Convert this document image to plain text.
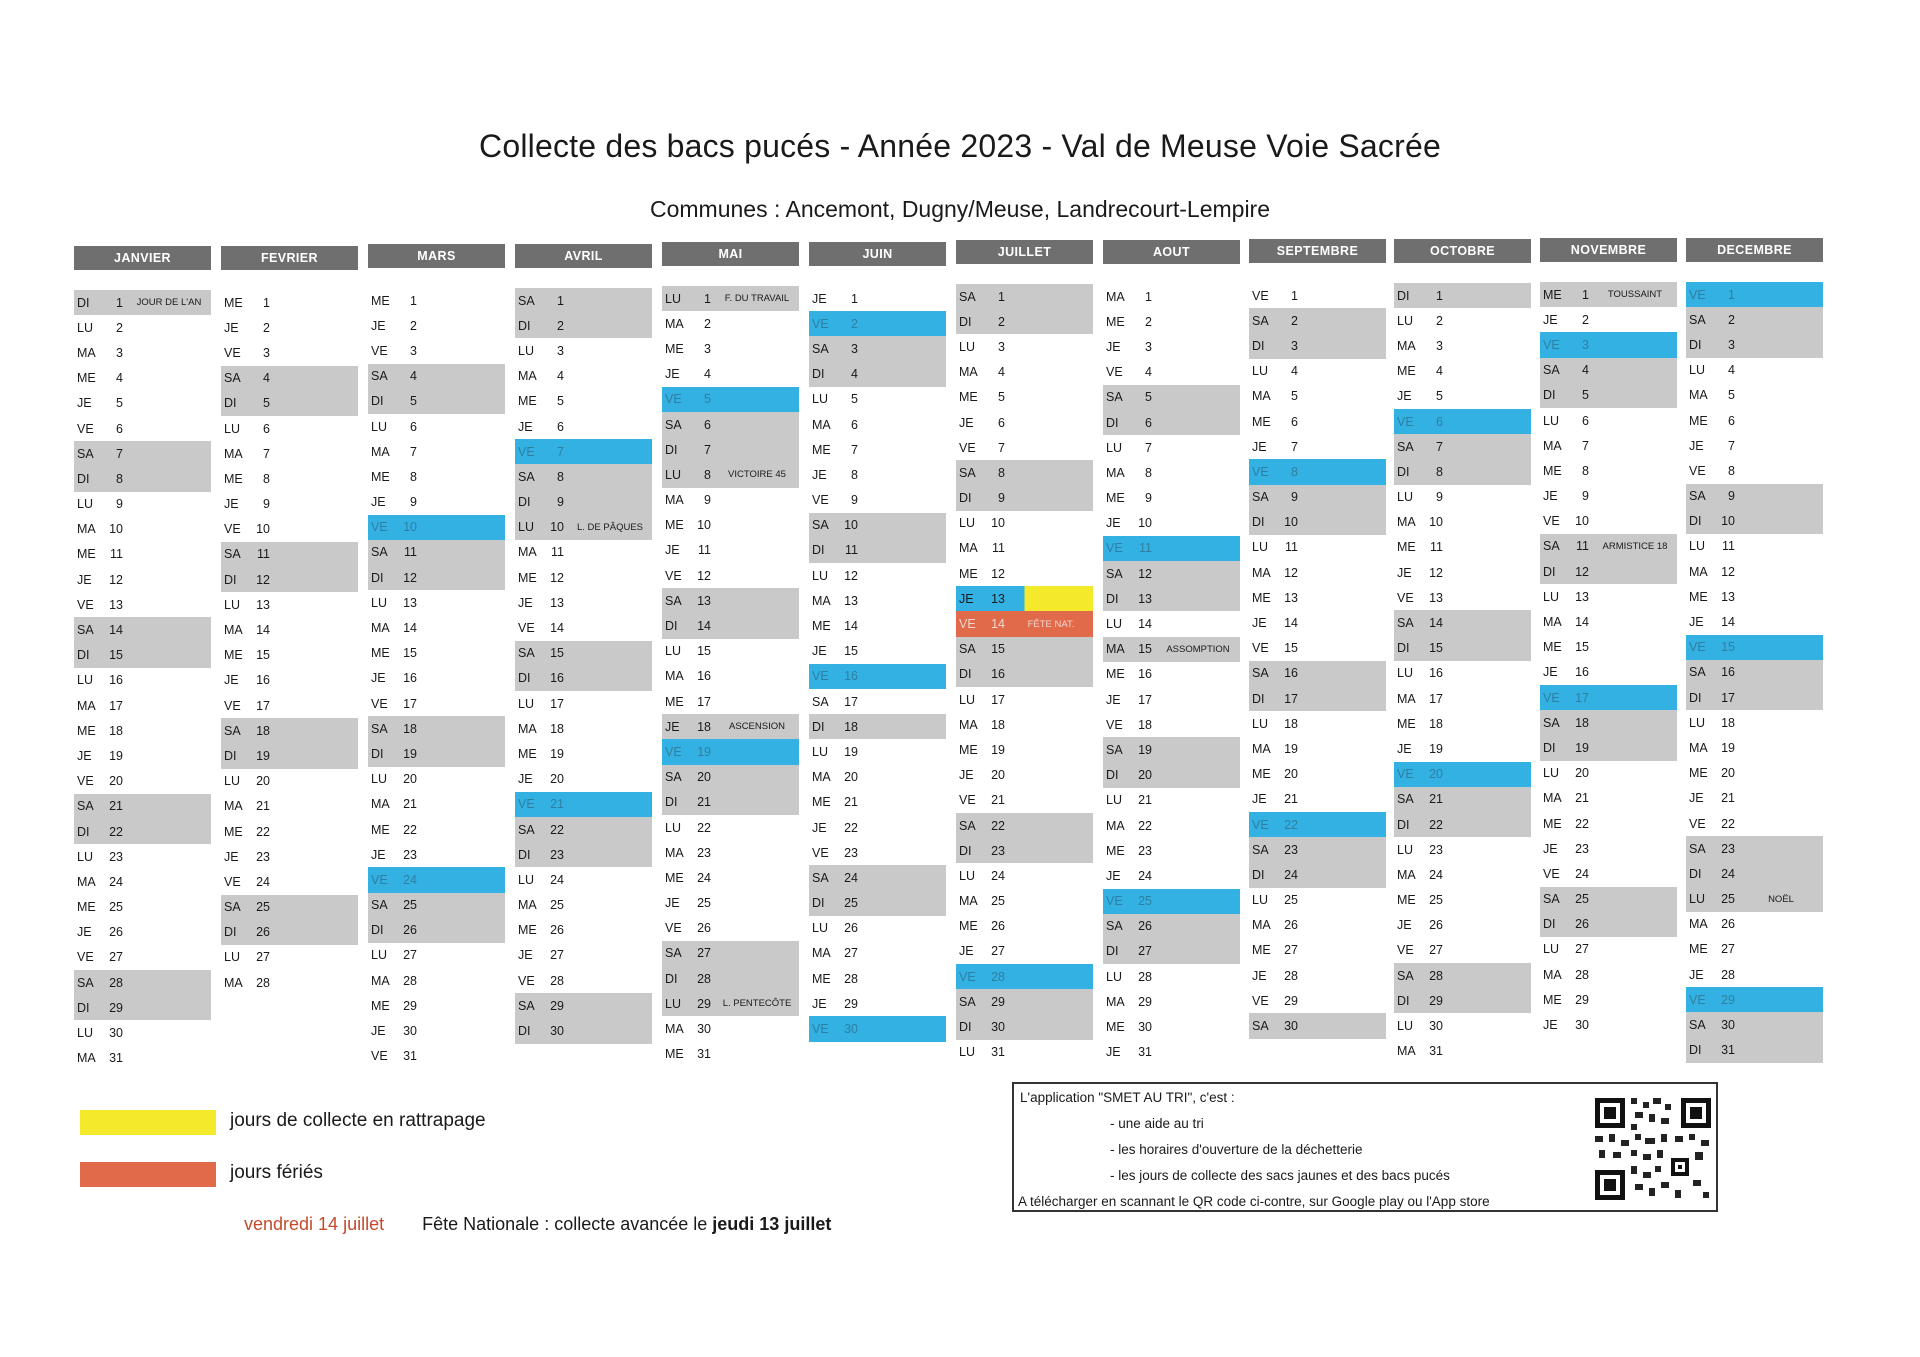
Collecte des bacs pucés - Année 2023 - Val de Meuse Voie Sacrée
Communes : Ancemont, Dugny/Meuse, Landrecourt-Lempire
JANVIER
DI	1	JOUR DE L'AN
LU	2
MA	3
ME	4
JE	5
VE	6
SA	7
DI	8
LU	9
MA	10
ME	11
JE	12
VE	13
SA	14
DI	15
LU	16
MA	17
ME	18
JE	19
VE	20
SA	21
DI	22
LU	23
MA	24
ME	25
JE	26
VE	27
SA	28
DI	29
LU	30
MA	31
FEVRIER
ME	1
JE	2
VE	3
SA	4
DI	5
LU	6
MA	7
ME	8
JE	9
VE	10
SA	11
DI	12
LU	13
MA	14
ME	15
JE	16
VE	17
SA	18
DI	19
LU	20
MA	21
ME	22
JE	23
VE	24
SA	25
DI	26
LU	27
MA	28
MARS
ME	1
JE	2
VE	3
SA	4
DI	5
LU	6
MA	7
ME	8
JE	9
VE	10
SA	11
DI	12
LU	13
MA	14
ME	15
JE	16
VE	17
SA	18
DI	19
LU	20
MA	21
ME	22
JE	23
VE	24
SA	25
DI	26
LU	27
MA	28
ME	29
JE	30
VE	31
AVRIL
SA	1
DI	2
LU	3
MA	4
ME	5
JE	6
VE	7
SA	8
DI	9
LU	10	L. DE PÂQUES
MA	11
ME	12
JE	13
VE	14
SA	15
DI	16
LU	17
MA	18
ME	19
JE	20
VE	21
SA	22
DI	23
LU	24
MA	25
ME	26
JE	27
VE	28
SA	29
DI	30
MAI
LU	1	F. DU TRAVAIL
MA	2
ME	3
JE	4
VE	5
SA	6
DI	7
LU	8	VICTOIRE 45
MA	9
ME	10
JE	11
VE	12
SA	13
DI	14
LU	15
MA	16
ME	17
JE	18	ASCENSION
VE	19
SA	20
DI	21
LU	22
MA	23
ME	24
JE	25
VE	26
SA	27
DI	28
LU	29	L. PENTECÔTE
MA	30
ME	31
JUIN
JE	1
VE	2
SA	3
DI	4
LU	5
MA	6
ME	7
JE	8
VE	9
SA	10
DI	11
LU	12
MA	13
ME	14
JE	15
VE	16
SA	17
DI	18
LU	19
MA	20
ME	21
JE	22
VE	23
SA	24
DI	25
LU	26
MA	27
ME	28
JE	29
VE	30
JUILLET
SA	1
DI	2
LU	3
MA	4
ME	5
JE	6
VE	7
SA	8
DI	9
LU	10
MA	11
ME	12
JE	13
VE	14	FÊTE NAT.
SA	15
DI	16
LU	17
MA	18
ME	19
JE	20
VE	21
SA	22
DI	23
LU	24
MA	25
ME	26
JE	27
VE	28
SA	29
DI	30
LU	31
AOUT
MA	1
ME	2
JE	3
VE	4
SA	5
DI	6
LU	7
MA	8
ME	9
JE	10
VE	11
SA	12
DI	13
LU	14
MA	15	ASSOMPTION
ME	16
JE	17
VE	18
SA	19
DI	20
LU	21
MA	22
ME	23
JE	24
VE	25
SA	26
DI	27
LU	28
MA	29
ME	30
JE	31
SEPTEMBRE
VE	1
SA	2
DI	3
LU	4
MA	5
ME	6
JE	7
VE	8
SA	9
DI	10
LU	11
MA	12
ME	13
JE	14
VE	15
SA	16
DI	17
LU	18
MA	19
ME	20
JE	21
VE	22
SA	23
DI	24
LU	25
MA	26
ME	27
JE	28
VE	29
SA	30
OCTOBRE
DI	1
LU	2
MA	3
ME	4
JE	5
VE	6
SA	7
DI	8
LU	9
MA	10
ME	11
JE	12
VE	13
SA	14
DI	15
LU	16
MA	17
ME	18
JE	19
VE	20
SA	21
DI	22
LU	23
MA	24
ME	25
JE	26
VE	27
SA	28
DI	29
LU	30
MA	31
NOVEMBRE
ME	1	TOUSSAINT
JE	2
VE	3
SA	4
DI	5
LU	6
MA	7
ME	8
JE	9
VE	10
SA	11	ARMISTICE 18
DI	12
LU	13
MA	14
ME	15
JE	16
VE	17
SA	18
DI	19
LU	20
MA	21
ME	22
JE	23
VE	24
SA	25
DI	26
LU	27
MA	28
ME	29
JE	30
DECEMBRE
VE	1
SA	2
DI	3
LU	4
MA	5
ME	6
JE	7
VE	8
SA	9
DI	10
LU	11
MA	12
ME	13
JE	14
VE	15
SA	16
DI	17
LU	18
MA	19
ME	20
JE	21
VE	22
SA	23
DI	24
LU	25	NOËL
MA	26
ME	27
JE	28
VE	29
SA	30
DI	31
jours de collecte en rattrapage
jours fériés
vendredi 14 juillet Fête Nationale : collecte avancée le jeudi 13 juillet
L'application "SMET AU TRI", c'est :
- une aide au tri
- les horaires d'ouverture de la déchetterie
- les jours de collecte des sacs jaunes et des bacs pucés
A télécharger en scannant le QR code ci-contre, sur Google play ou l'App store
